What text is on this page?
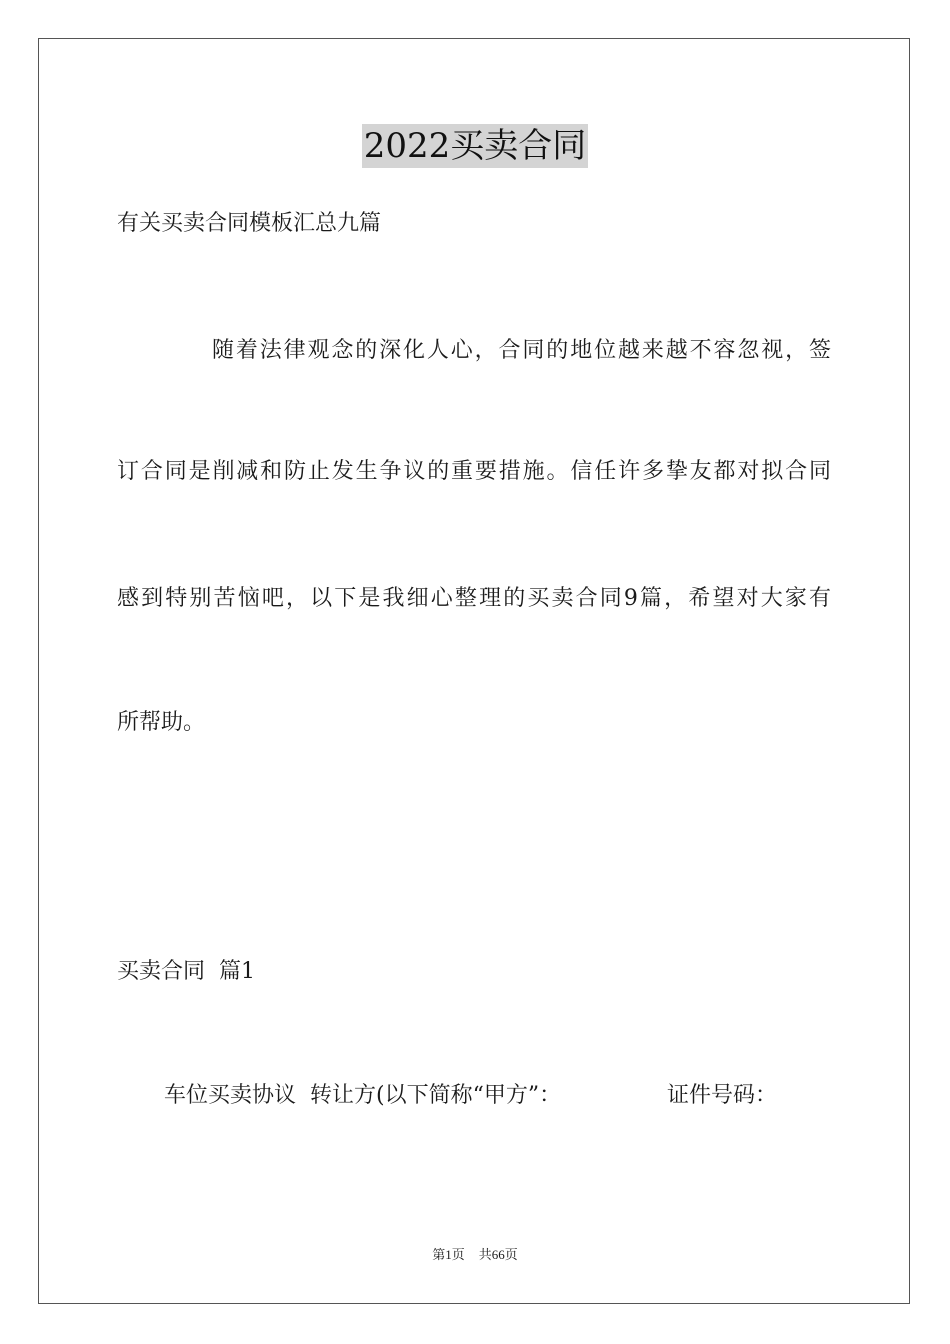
2022买卖合同
有关买卖合同模板汇总九篇
随着法律观念的深化人心，合同的地位越来越不容忽视，签
订合同是削减和防止发生争议的重要措施。信任许多挚友都对拟合同
感到特别苦恼吧，以下是我细心整理的买卖合同9篇，希望对大家有
所帮助。
买卖合同  篇1
车位买卖协议  转让方(以下简称“甲方”：	证件号码：
第1页 共66页
